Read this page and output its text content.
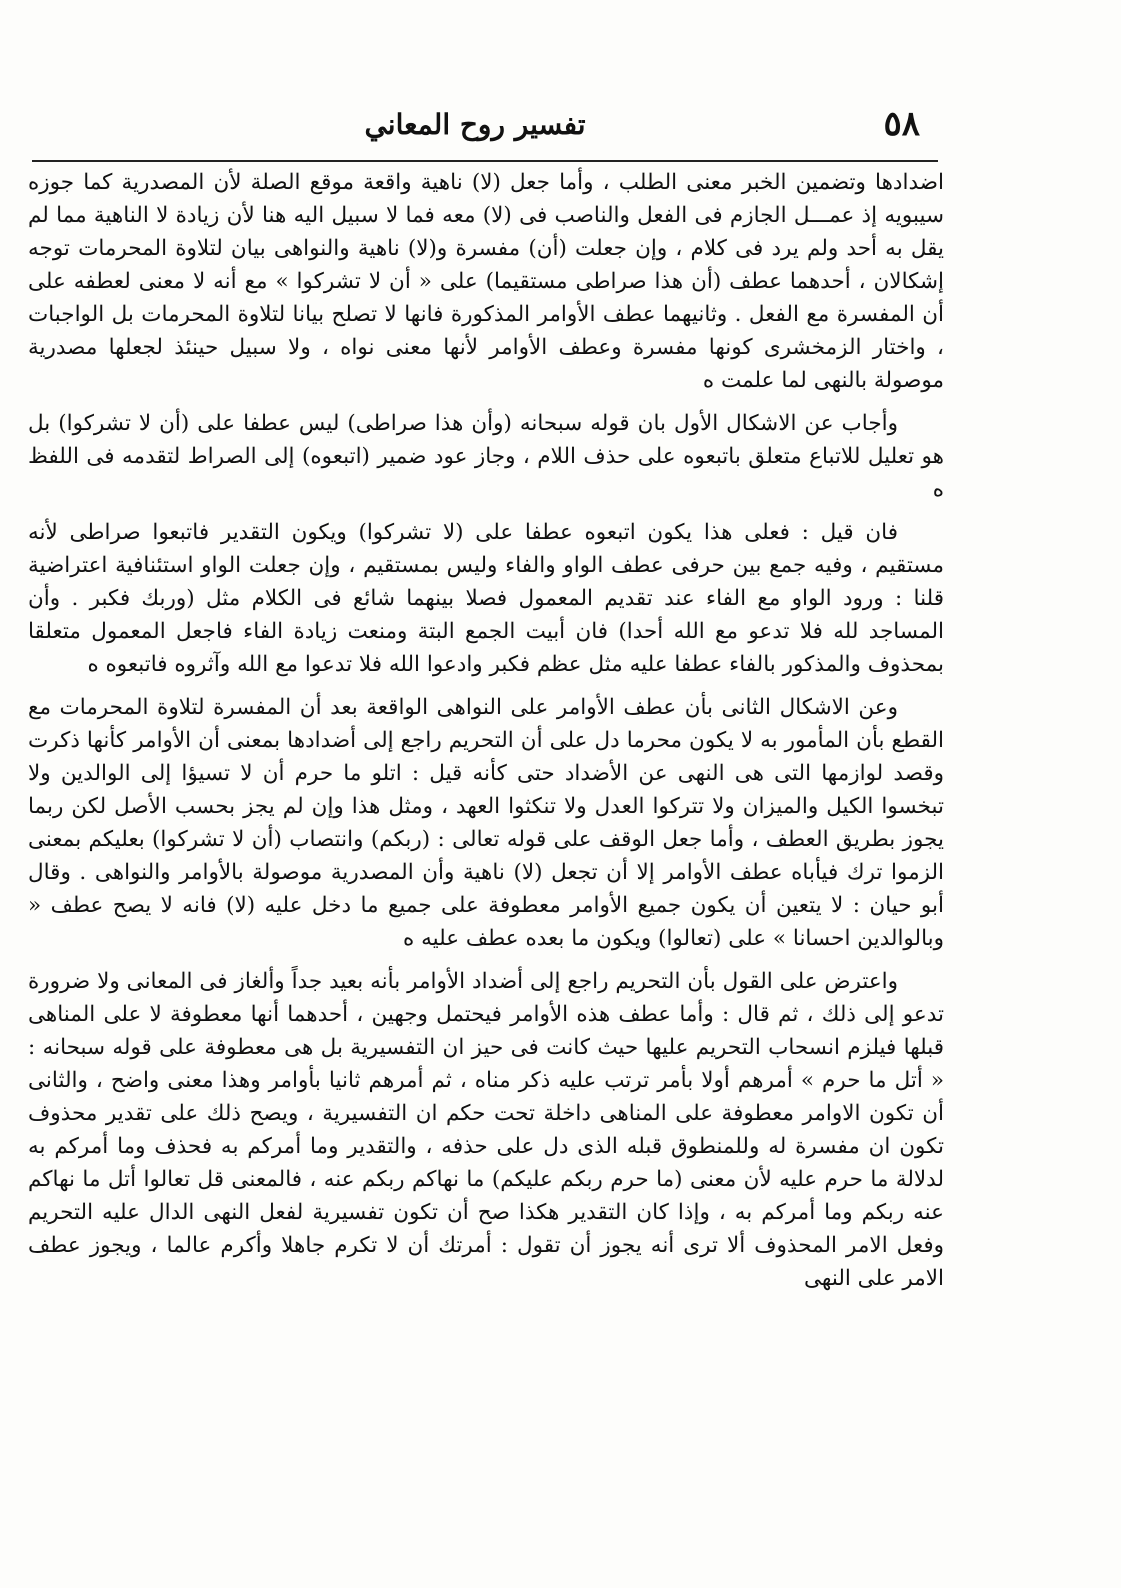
٥٨
تفسير روح المعاني

اضدادها وتضمين الخبر معنى الطلب ، وأما جعل (لا) ناهية واقعة موقع الصلة لأن المصدرية كما جوزه سيبويه إذ عمـــل الجازم فى الفعل والناصب فى (لا) معه فما لا سبيل اليه هنا لأن زيادة لا الناهية مما لم يقل به أحد ولم يرد فى كلام ، وإن جعلت (أن) مفسرة و(لا) ناهية والنواهى بيان لتلاوة المحرمات توجه إشكالان ، أحدهما عطف (أن هذا صراطى مستقيما) على « أن لا تشركوا » مع أنه لا معنى لعطفه على أن المفسرة مع الفعل . وثانيهما عطف الأوامر المذكورة فانها لا تصلح بيانا لتلاوة المحرمات بل الواجبات ، واختار الزمخشرى كونها مفسرة وعطف الأوامر لأنها معنى نواه ، ولا سبيل حينئذ لجعلها مصدرية موصولة بالنهى لما علمت ه

وأجاب عن الاشكال الأول بان قوله سبحانه (وأن هذا صراطى) ليس عطفا على (أن لا تشركوا) بل هو تعليل للاتباع متعلق باتبعوه على حذف اللام ، وجاز عود ضمير (اتبعوه) إلى الصراط لتقدمه فى اللفظ ه

فان قيل : فعلى هذا يكون اتبعوه عطفا على (لا تشركوا) ويكون التقدير فاتبعوا صراطى لأنه مستقيم ، وفيه جمع بين حرفى عطف الواو والفاء وليس بمستقيم ، وإن جعلت الواو استئنافية اعتراضية قلنا : ورود الواو مع الفاء عند تقديم المعمول فصلا بينهما شائع فى الكلام مثل (وربك فكبر . وأن المساجد لله فلا تدعو مع الله أحدا) فان أبيت الجمع البتة ومنعت زيادة الفاء فاجعل المعمول متعلقا بمحذوف والمذكور بالفاء عطفا عليه مثل عظم فكبر وادعوا الله فلا تدعوا مع الله وآثروه فاتبعوه ه

وعن الاشكال الثانى بأن عطف الأوامر على النواهى الواقعة بعد أن المفسرة لتلاوة المحرمات مع القطع بأن المأمور به لا يكون محرما دل على أن التحريم راجع إلى أضدادها بمعنى أن الأوامر كأنها ذكرت وقصد لوازمها التى هى النهى عن الأضداد حتى كأنه قيل : اتلو ما حرم أن لا تسيؤا إلى الوالدين ولا تبخسوا الكيل والميزان ولا تتركوا العدل ولا تنكثوا العهد ، ومثل هذا وإن لم يجز بحسب الأصل لكن ربما يجوز بطريق العطف ، وأما جعل الوقف على قوله تعالى : (ربكم) وانتصاب (أن لا تشركوا) بعليكم بمعنى الزموا ترك فيأباه عطف الأوامر إلا أن تجعل (لا) ناهية وأن المصدرية موصولة بالأوامر والنواهى . وقال أبو حيان : لا يتعين أن يكون جميع الأوامر معطوفة على جميع ما دخل عليه (لا) فانه لا يصح عطف « وبالوالدين احسانا » على (تعالوا) ويكون ما بعده عطف عليه ه

واعترض على القول بأن التحريم راجع إلى أضداد الأوامر بأنه بعيد جداً وألغاز فى المعانى ولا ضرورة تدعو إلى ذلك ، ثم قال : وأما عطف هذه الأوامر فيحتمل وجهين ، أحدهما أنها معطوفة لا على المناهى قبلها فيلزم انسحاب التحريم عليها حيث كانت فى حيز ان التفسيرية بل هى معطوفة على قوله سبحانه : « أتل ما حرم » أمرهم أولا بأمر ترتب عليه ذكر مناه ، ثم أمرهم ثانيا بأوامر وهذا معنى واضح ، والثانى أن تكون الاوامر معطوفة على المناهى داخلة تحت حكم ان التفسيرية ، ويصح ذلك على تقدير محذوف تكون ان مفسرة له وللمنطوق قبله الذى دل على حذفه ، والتقدير وما أمركم به فحذف وما أمركم به لدلالة ما حرم عليه لأن معنى (ما حرم ربكم عليكم) ما نهاكم ربكم عنه ، فالمعنى قل تعالوا أتل ما نهاكم عنه ربكم وما أمركم به ، وإذا كان التقدير هكذا صح أن تكون تفسيرية لفعل النهى الدال عليه التحريم وفعل الامر المحذوف ألا ترى أنه يجوز أن تقول : أمرتك أن لا تكرم جاهلا وأكرم عالما ، ويجوز عطف الامر على النهى
